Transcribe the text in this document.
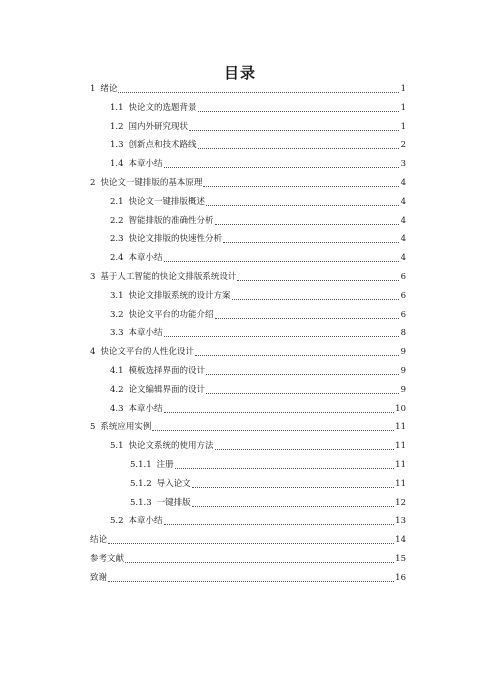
目录
1 绪论	1
1.1 快论文的选题背景	1
1.2 国内外研究现状	1
1.3 创新点和技术路线	2
1.4 本章小结	3
2 快论文一键排版的基本原理	4
2.1 快论文一键排版概述	4
2.2 智能排版的准确性分析	4
2.3 快论文排版的快速性分析	4
2.4 本章小结	4
3 基于人工智能的快论文排版系统设计	6
3.1 快论文排版系统的设计方案	6
3.2 快论文平台的功能介绍	6
3.3 本章小结	8
4 快论文平台的人性化设计	9
4.1 模板选择界面的设计	9
4.2 论文编辑界面的设计	9
4.3 本章小结	10
5 系统应用实例	11
5.1 快论文系统的使用方法	11
5.1.1 注册	11
5.1.2 导入论文	11
5.1.3 一键排版	12
5.2 本章小结	13
结论	14
参考文献	15
致谢	16
